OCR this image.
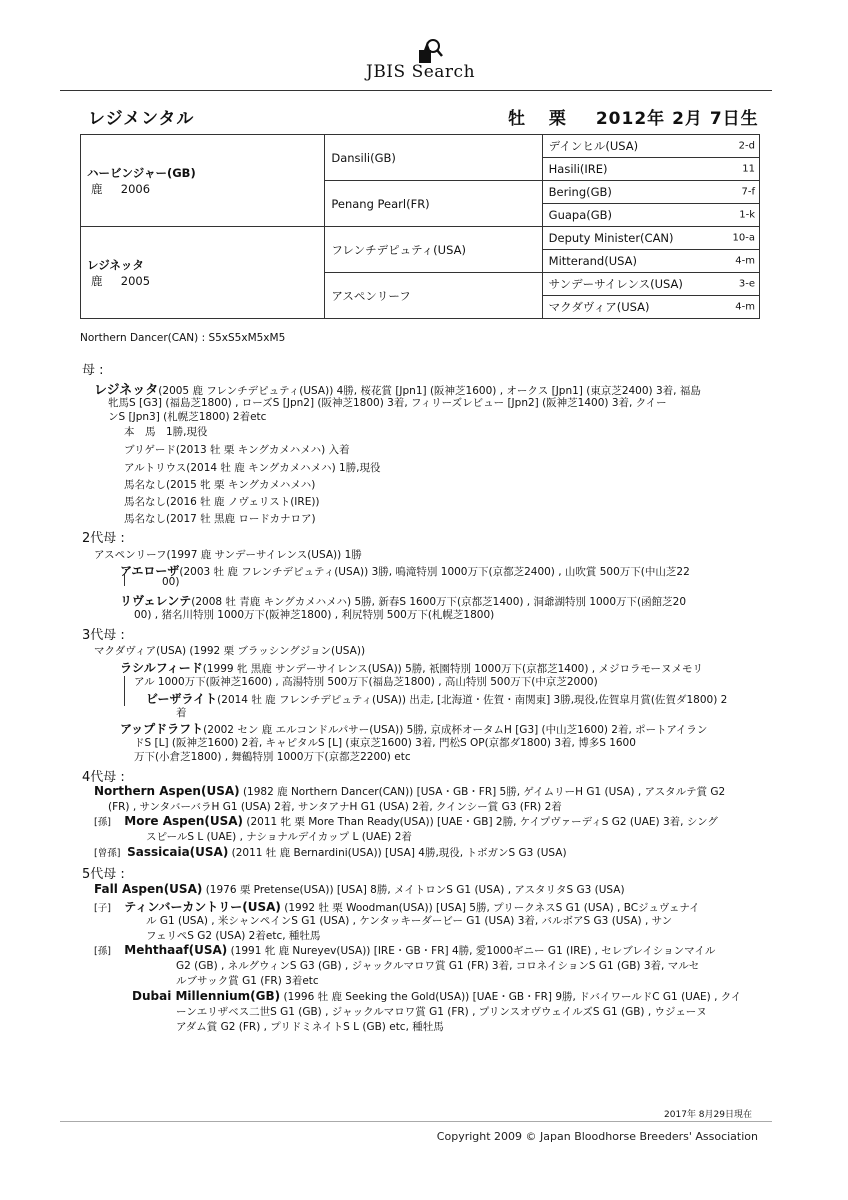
JBIS Search
レジメンタル	牡 栗 2012年 2月 7日生
ハービンジャー(GB)
鹿 2006	Dansili(GB)	デインヒル(USA) 2-d

		Hasili(IRE) 11

	Penang Pearl(FR)	Bering(GB) 7-f

		Guapa(GB) 1-k

レジネッタ
鹿 2005	フレンチデピュティ(USA)	Deputy Minister(CAN) 10-a

		Mitterand(USA) 4-m

	アスペンリーフ	サンデーサイレンス(USA) 3-e

		マクダヴィア(USA) 4-m
Northern Dancer(CAN) : S5xS5xM5xM5
母 :
レジネッタ(2005 鹿 フレンチデピュティ(USA)) 4勝, 桜花賞 [Jpn1] (阪神芝1600) , オークス [Jpn1] (東京芝2400) 3着, 福島
牝馬S [G3] (福島芝1800) , ローズS [Jpn2] (阪神芝1800) 3着, フィリーズレビュー [Jpn2] (阪神芝1400) 3着, クイー
ンS [Jpn3] (札幌芝1800) 2着etc
本　馬　1勝,現役
ブリゲード(2013 牡 栗 キングカメハメハ) 入着
アルトリウス(2014 牡 鹿 キングカメハメハ) 1勝,現役
馬名なし(2015 牝 栗 キングカメハメハ)
馬名なし(2016 牡 鹿 ノヴェリスト(IRE))
馬名なし(2017 牡 黒鹿 ロードカナロア)
2代母 :
アスペンリーフ(1997 鹿 サンデーサイレンス(USA)) 1勝
アエローザ(2003 牡 鹿 フレンチデピュティ(USA)) 3勝, 鳴滝特別 1000万下(京都芝2400) , 山吹賞 500万下(中山芝22
00)
リヴェレンテ(2008 牡 青鹿 キングカメハメハ) 5勝, 新春S 1600万下(京都芝1400) , 洞爺湖特別 1000万下(函館芝20
00) , 猪名川特別 1000万下(阪神芝1800) , 利尻特別 500万下(札幌芝1800)
3代母 :
マクダヴィア(USA) (1992 栗 ブラッシングジョン(USA))
ラシルフィード(1999 牝 黒鹿 サンデーサイレンス(USA)) 5勝, 祇園特別 1000万下(京都芝1400) , メジロラモーヌメモリ
アル 1000万下(阪神芝1600) , 高湯特別 500万下(福島芝1800) , 高山特別 500万下(中京芝2000)
ビーザライト(2014 牡 鹿 フレンチデピュティ(USA)) 出走, [北海道・佐賀・南関東] 3勝,現役,佐賀皐月賞(佐賀ダ1800) 2
着
アップドラフト(2002 セン 鹿 エルコンドルパサー(USA)) 5勝, 京成杯オータムH [G3] (中山芝1600) 2着, ポートアイラン
ドS [L] (阪神芝1600) 2着, キャピタルS [L] (東京芝1600) 3着, 門松S OP(京都ダ1800) 3着, 博多S 1600
万下(小倉芝1800) , 舞鶴特別 1000万下(京都芝2200) etc
4代母 :
Northern Aspen(USA) (1982 鹿 Northern Dancer(CAN)) [USA・GB・FR] 5勝, ゲイムリーH G1 (USA) , アスタルテ賞 G2
(FR) , サンタバーバラH G1 (USA) 2着, サンタアナH G1 (USA) 2着, クインシー賞 G3 (FR) 2着
[孫] More Aspen(USA) (2011 牝 栗 More Than Ready(USA)) [UAE・GB] 2勝, ケイプヴァーディS G2 (UAE) 3着, シング
スピールS L (UAE) , ナショナルデイカップ L (UAE) 2着
[曾孫] Sassicaia(USA) (2011 牡 鹿 Bernardini(USA)) [USA] 4勝,現役, トボガンS G3 (USA)
5代母 :
Fall Aspen(USA) (1976 栗 Pretense(USA)) [USA] 8勝, メイトロンS G1 (USA) , アスタリタS G3 (USA)
[子] ティンバーカントリー(USA) (1992 牡 栗 Woodman(USA)) [USA] 5勝, プリークネスS G1 (USA) , BCジュヴェナイ
ル G1 (USA) , 米シャンペインS G1 (USA) , ケンタッキーダービー G1 (USA) 3着, バルボアS G3 (USA) , サン
フェリペS G2 (USA) 2着etc, 種牡馬
[孫] Mehthaaf(USA) (1991 牝 鹿 Nureyev(USA)) [IRE・GB・FR] 4勝, 愛1000ギニー G1 (IRE) , セレブレイションマイル
G2 (GB) , ネルグウィンS G3 (GB) , ジャックルマロワ賞 G1 (FR) 3着, コロネイションS G1 (GB) 3着, マルセ
ルブサック賞 G1 (FR) 3着etc
Dubai Millennium(GB) (1996 牡 鹿 Seeking the Gold(USA)) [UAE・GB・FR] 9勝, ドバイワールドC G1 (UAE) , クイ
ーンエリザベス二世S G1 (GB) , ジャックルマロワ賞 G1 (FR) , プリンスオヴウェイルズS G1 (GB) , ウジェーヌ
アダム賞 G2 (FR) , プリドミネイトS L (GB) etc, 種牡馬
2017年 8月29日現在
Copyright 2009 © Japan Bloodhorse Breeders' Association
